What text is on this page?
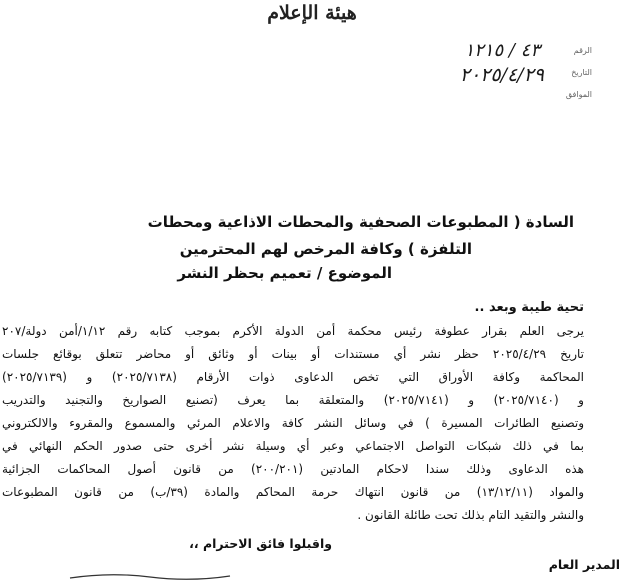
هيئة الإعلام
الرقم
٤٣ / ١٢١٥
التاريخ
٢٠٢٥/٤/٢٩
الموافق
السادة ( المطبوعات الصحفية والمحطات الاذاعية ومحطات
التلفزة ) وكافة المرخص لهم المحترمين
الموضوع / تعميم بحظر النشر
تحية طيبة وبعد ..
يرجى العلم بقرار عطوفة رئيس محكمة أمن الدولة الأكرم بموجب كتابه رقم ١/١٢/أمن دولة/٢٠٧
تاريخ ٢٠٢٥/٤/٢٩ حظر نشر أي مستندات أو بينات أو وثائق أو محاضر تتعلق بوقائع جلسات
المحاكمة وكافة الأوراق التي تخص الدعاوى ذوات الأرقام (٢٠٢٥/٧١٣٨) و (٢٠٢٥/٧١٣٩)
و (٢٠٢٥/٧١٤٠) و (٢٠٢٥/٧١٤١) والمتعلقة بما يعرف (تصنيع الصواريخ والتجنيد والتدريب
وتصنيع الطائرات المسيرة ) في وسائل النشر كافة والاعلام المرئي والمسموع والمقروء والالكتروني
بما في ذلك شبكات التواصل الاجتماعي وعبر أي وسيلة نشر أخرى حتى صدور الحكم النهائي في
هذه الدعاوى وذلك سندا لاحكام المادتين (٢٠٠/٢٠١) من قانون أصول المحاكمات الجزائية
والمواد (١٣/١٢/١١) من قانون انتهاك حرمة المحاكم والمادة (٣٩/ب) من قانون المطبوعات
والنشر والتقيد التام بذلك تحت طائلة القانون .
واقبلوا فائق الاحترام ،،
المدير العام
